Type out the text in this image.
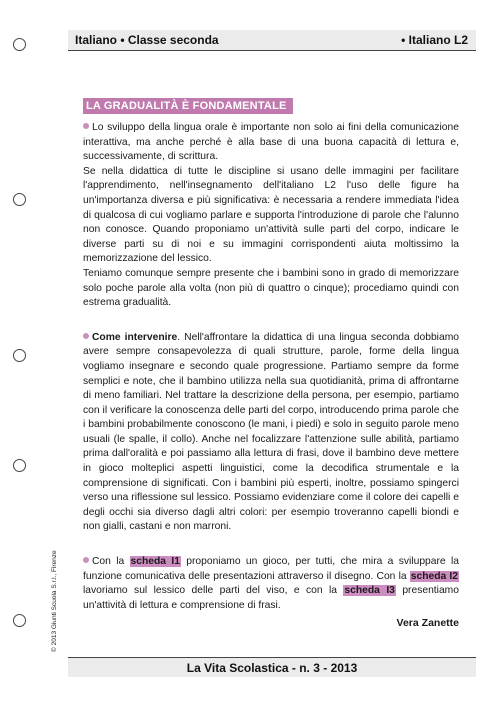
Italiano • Classe seconda	• Italiano L2
LA GRADUALITÀ È FONDAMENTALE

Lo sviluppo della lingua orale è importante non solo ai fini della comunicazione interattiva, ma anche perché è alla base di una buona capacità di lettura e, successivamente, di scrittura.

Se nella didattica di tutte le discipline si usano delle immagini per facilitare l'apprendimento, nell'insegnamento dell'italiano L2 l'uso delle figure ha un'importanza diversa e più significativa: è necessaria a rendere immediata l'idea di qualcosa di cui vogliamo parlare e supporta l'introduzione di parole che l'alunno non conosce. Quando proponiamo un'attività sulle parti del corpo, indicare le diverse parti su di noi e su immagini corrispondenti aiuta moltissimo la memorizzazione del lessico.

Teniamo comunque sempre presente che i bambini sono in grado di memorizzare solo poche parole alla volta (non più di quattro o cinque); procediamo quindi con estrema gradualità.

Come intervenire. Nell'affrontare la didattica di una lingua seconda dobbiamo avere sempre consapevolezza di quali strutture, parole, forme della lingua vogliamo insegnare e secondo quale progressione. Partiamo sempre da forme semplici e note, che il bambino utilizza nella sua quotidianità, prima di affrontarne di meno familiari. Nel trattare la descrizione della persona, per esempio, partiamo con il verificare la conoscenza delle parti del corpo, introducendo prima parole che i bambini probabilmente conoscono (le mani, i piedi) e solo in seguito parole meno usuali (le spalle, il collo). Anche nel focalizzare l'attenzione sulle abilità, partiamo prima dall'oralità e poi passiamo alla lettura di frasi, dove il bambino deve mettere in gioco molteplici aspetti linguistici, come la decodifica strumentale e la comprensione di significati. Con i bambini più esperti, inoltre, possiamo spingerci verso una riflessione sul lessico. Possiamo evidenziare come il colore dei capelli e degli occhi sia diverso dagli altri colori: per esempio troveranno capelli biondi e non gialli, castani e non marroni.

Con la scheda I1 proponiamo un gioco, per tutti, che mira a sviluppare la funzione comunicativa delle presentazioni attraverso il disegno. Con la scheda I2 lavoriamo sul lessico delle parti del viso, e con la scheda I3 presentiamo un'attività di lettura e comprensione di frasi.

Vera Zanette
© 2013 Giunti Scuola S.r.l., Firenze
La Vita Scolastica - n. 3 - 2013
